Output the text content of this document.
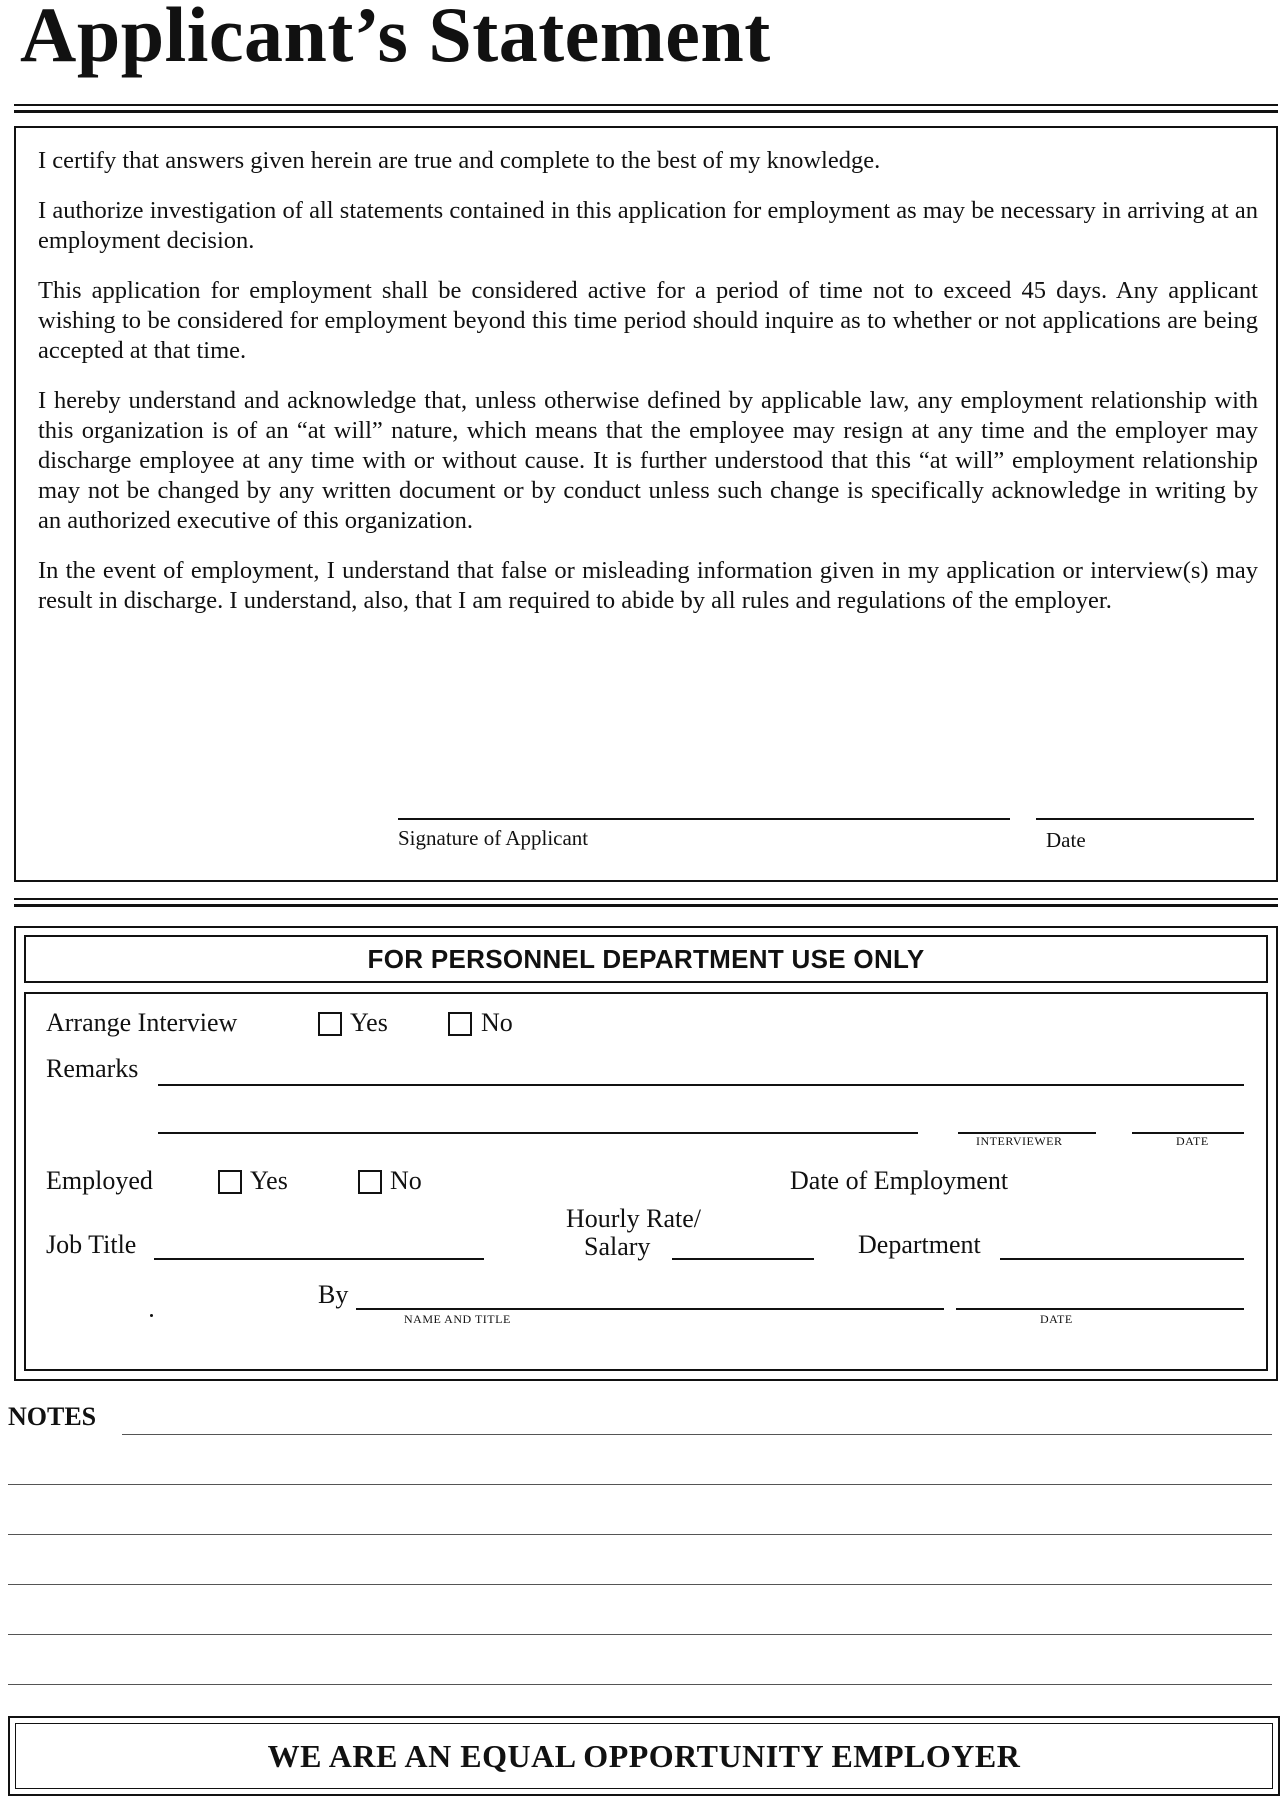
Applicant’s Statement

I certify that answers given herein are true and complete to the best of my knowledge.

I authorize investigation of all statements contained in this application for employment as may be necessary in arriving at an employment decision.

This application for employment shall be considered active for a period of time not to exceed 45 days. Any applicant wishing to be considered for employment beyond this time period should inquire as to whether or not applications are being accepted at that time.

I hereby understand and acknowledge that, unless otherwise defined by applicable law, any employment relationship with this organization is of an “at will” nature, which means that the employee may resign at any time and the employer may discharge employee at any time with or without cause. It is further understood that this “at will” employment relationship may not be changed by any written document or by conduct unless such change is specifically acknowledge in writing by an authorized executive of this organization.

In the event of employment, I understand that false or misleading information given in my application or interview(s) may result in discharge. I understand, also, that I am required to abide by all rules and regulations of the employer.

Signature of Applicant	Date
FOR PERSONNEL DEPARTMENT USE ONLY
Arrange Interview	Yes	No
Remarks
INTERVIEWER	DATE
Employed	Yes	No	Date of Employment
Job Title
Hourly Rate/
Salary	Department
By
NAME AND TITLE	DATE
NOTES
WE ARE AN EQUAL OPPORTUNITY EMPLOYER
